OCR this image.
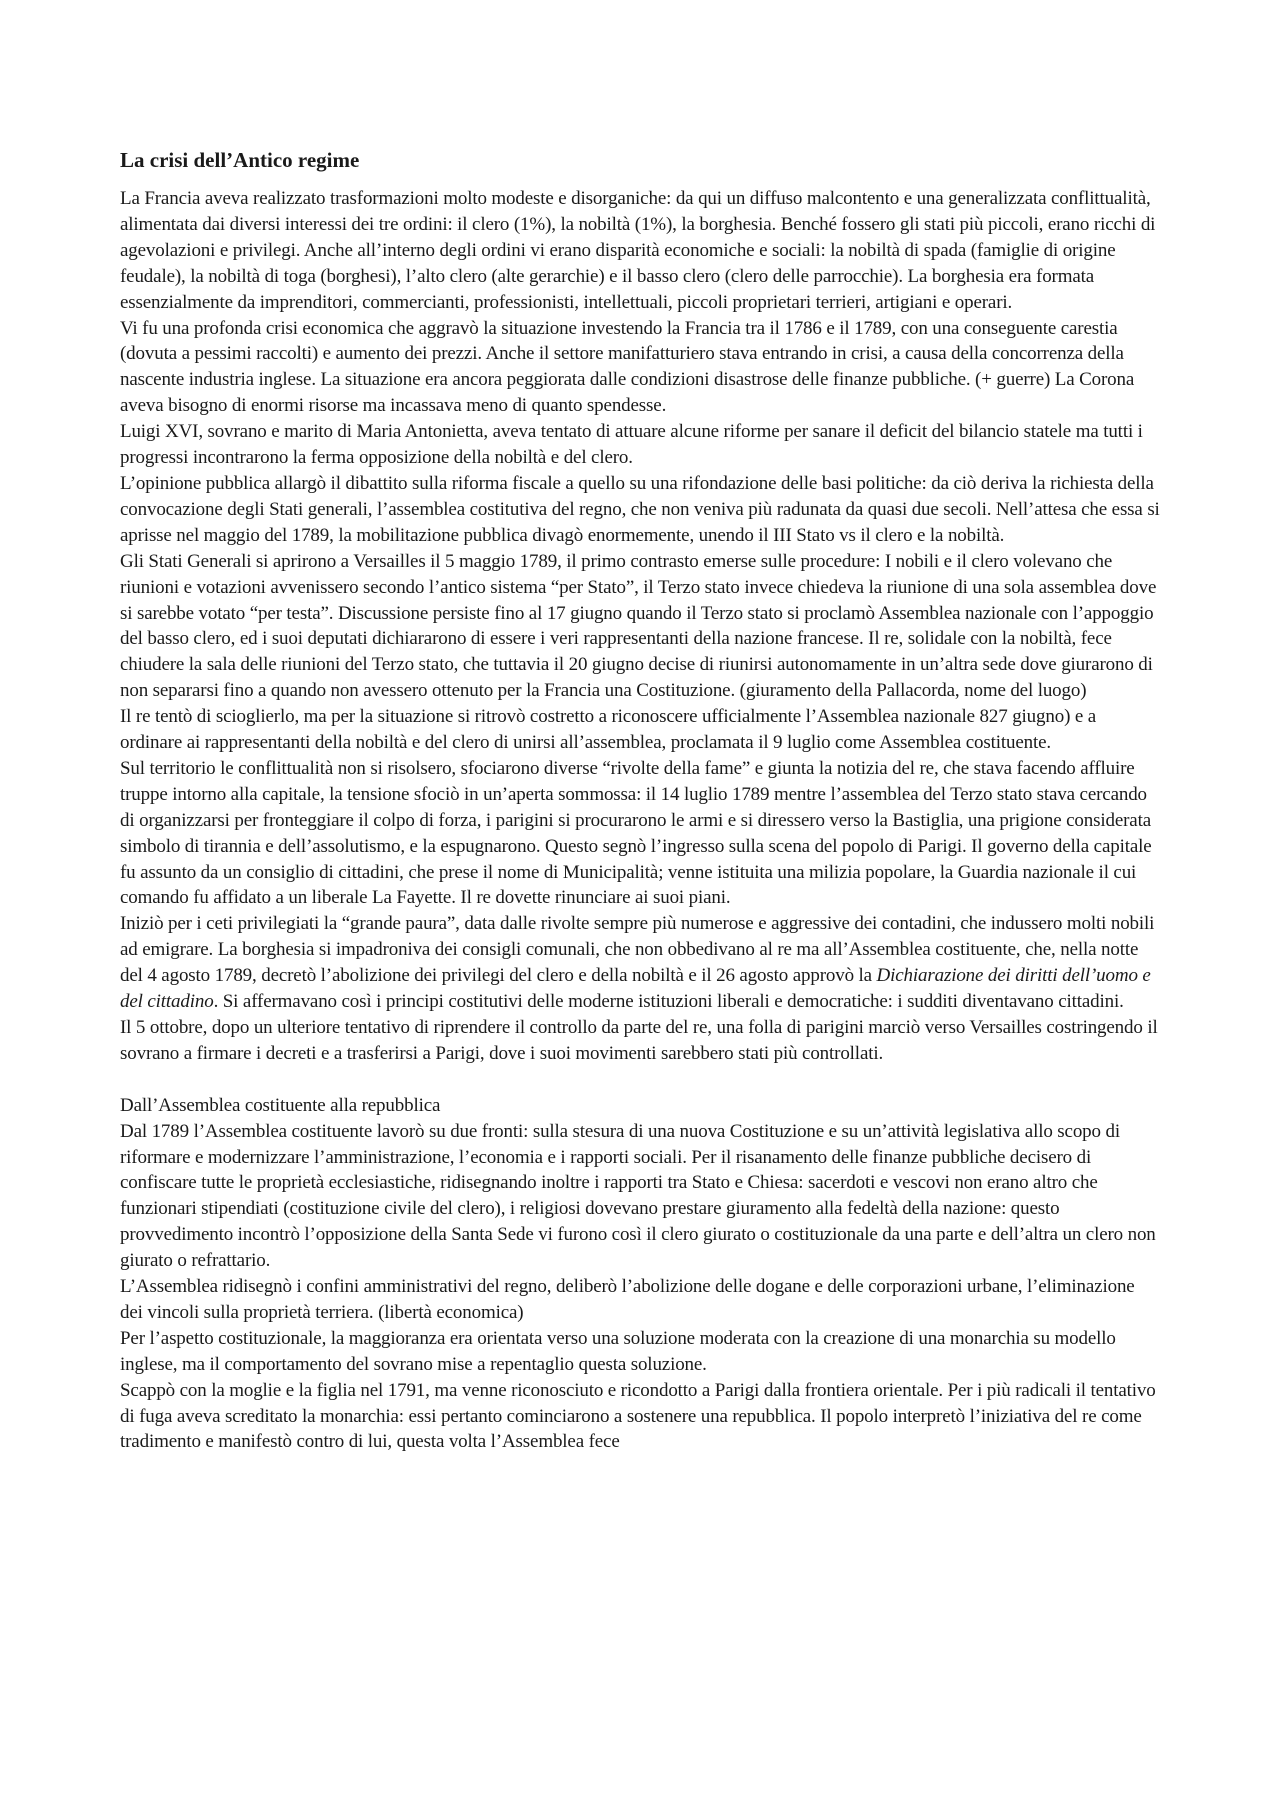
La crisi dell’Antico regime

La Francia aveva realizzato trasformazioni molto modeste e disorganiche: da qui un diffuso malcontento e una generalizzata conflittualità, alimentata dai diversi interessi dei tre ordini: il clero (1%), la nobiltà (1%), la borghesia. Benché fossero gli stati più piccoli, erano ricchi di agevolazioni e privilegi. Anche all’interno degli ordini vi erano disparità economiche e sociali: la nobiltà di spada (famiglie di origine feudale), la nobiltà di toga (borghesi), l’alto clero (alte gerarchie) e il basso clero (clero delle parrocchie). La borghesia era formata essenzialmente da imprenditori, commercianti, professionisti, intellettuali, piccoli proprietari terrieri, artigiani e operari.

Vi fu una profonda crisi economica che aggravò la situazione investendo la Francia tra il 1786 e il 1789, con una conseguente carestia (dovuta a pessimi raccolti) e aumento dei prezzi. Anche il settore manifatturiero stava entrando in crisi, a causa della concorrenza della nascente industria inglese. La situazione era ancora peggiorata dalle condizioni disastrose delle finanze pubbliche. (+ guerre) La Corona aveva bisogno di enormi risorse ma incassava meno di quanto spendesse.

Luigi XVI, sovrano e marito di Maria Antonietta, aveva tentato di attuare alcune riforme per sanare il deficit del bilancio statele ma tutti i progressi incontrarono la ferma opposizione della nobiltà e del clero.

L’opinione pubblica allargò il dibattito sulla riforma fiscale a quello su una rifondazione delle basi politiche: da ciò deriva la richiesta della convocazione degli Stati generali, l’assemblea costitutiva del regno, che non veniva più radunata da quasi due secoli. Nell’attesa che essa si aprisse nel maggio del 1789, la mobilitazione pubblica divagò enormemente, unendo il III Stato vs il clero e la nobiltà.

Gli Stati Generali si aprirono a Versailles il 5 maggio 1789, il primo contrasto emerse sulle procedure: I nobili e il clero volevano che riunioni e votazioni avvenissero secondo l’antico sistema “per Stato”, il Terzo stato invece chiedeva la riunione di una sola assemblea dove si sarebbe votato “per testa”. Discussione persiste fino al 17 giugno quando il Terzo stato si proclamò Assemblea nazionale con l’appoggio del basso clero, ed i suoi deputati dichiararono di essere i veri rappresentanti della nazione francese. Il re, solidale con la nobiltà, fece chiudere la sala delle riunioni del Terzo stato, che tuttavia il 20 giugno decise di riunirsi autonomamente in un’altra sede dove giurarono di non separarsi fino a quando non avessero ottenuto per la Francia una Costituzione. (giuramento della Pallacorda, nome del luogo)

Il re tentò di scioglierlo, ma per la situazione si ritrovò costretto a riconoscere ufficialmente l’Assemblea nazionale 827 giugno) e a ordinare ai rappresentanti della nobiltà e del clero di unirsi all’assemblea, proclamata il 9 luglio come Assemblea costituente.

Sul territorio le conflittualità non si risolsero, sfociarono diverse “rivolte della fame” e giunta la notizia del re, che stava facendo affluire truppe intorno alla capitale, la tensione sfociò in un’aperta sommossa: il 14 luglio 1789 mentre l’assemblea del Terzo stato stava cercando di organizzarsi per fronteggiare il colpo di forza, i parigini si procurarono le armi e si diressero verso la Bastiglia, una prigione considerata simbolo di tirannia e dell’assolutismo, e la espugnarono. Questo segnò l’ingresso sulla scena del popolo di Parigi. Il governo della capitale fu assunto da un consiglio di cittadini, che prese il nome di Municipalità; venne istituita una milizia popolare, la Guardia nazionale il cui comando fu affidato a un liberale La Fayette. Il re dovette rinunciare ai suoi piani.

Iniziò per i ceti privilegiati la “grande paura”, data dalle rivolte sempre più numerose e aggressive dei contadini, che indussero molti nobili ad emigrare. La borghesia si impadroniva dei consigli comunali, che non obbedivano al re ma all’Assemblea costituente, che, nella notte del 4 agosto 1789, decretò l’abolizione dei privilegi del clero e della nobiltà e il 26 agosto approvò la Dichiarazione dei diritti dell’uomo e del cittadino. Si affermavano così i principi costitutivi delle moderne istituzioni liberali e democratiche: i sudditi diventavano cittadini.

Il 5 ottobre, dopo un ulteriore tentativo di riprendere il controllo da parte del re, una folla di parigini marciò verso Versailles costringendo il sovrano a firmare i decreti e a trasferirsi a Parigi, dove i suoi movimenti sarebbero stati più controllati.

Dall’Assemblea costituente alla repubblica

Dal 1789 l’Assemblea costituente lavorò su due fronti: sulla stesura di una nuova Costituzione e su un’attività legislativa allo scopo di riformare e modernizzare l’amministrazione, l’economia e i rapporti sociali. Per il risanamento delle finanze pubbliche decisero di confiscare tutte le proprietà ecclesiastiche, ridisegnando inoltre i rapporti tra Stato e Chiesa: sacerdoti e vescovi non erano altro che funzionari stipendiati (costituzione civile del clero), i religiosi dovevano prestare giuramento alla fedeltà della nazione: questo provvedimento incontrò l’opposizione della Santa Sede vi furono così il clero giurato o costituzionale da una parte e dell’altra un clero non giurato o refrattario.

L’Assemblea ridisegnò i confini amministrativi del regno, deliberò l’abolizione delle dogane e delle corporazioni urbane, l’eliminazione dei vincoli sulla proprietà terriera. (libertà economica)

Per l’aspetto costituzionale, la maggioranza era orientata verso una soluzione moderata con la creazione di una monarchia su modello inglese, ma il comportamento del sovrano mise a repentaglio questa soluzione.

Scappò con la moglie e la figlia nel 1791, ma venne riconosciuto e ricondotto a Parigi dalla frontiera orientale. Per i più radicali il tentativo di fuga aveva screditato la monarchia: essi pertanto cominciarono a sostenere una repubblica. Il popolo interpretò l’iniziativa del re come tradimento e manifestò contro di lui, questa volta l’Assemblea fece
